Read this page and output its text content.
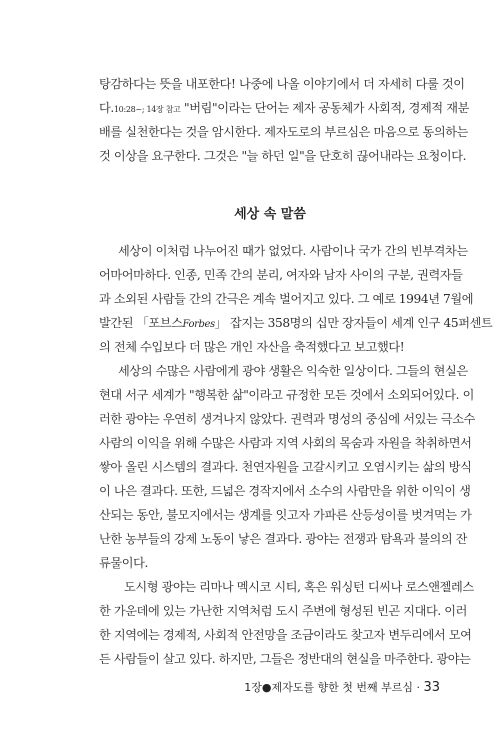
탕감하다는 뜻을 내포한다! 나중에 나올 이야기에서 더 자세히 다룰 것이
다.10:28~; 14장 참고 "버림"이라는 단어는 제자 공동체가 사회적, 경제적 재분
배를 실천한다는 것을 암시한다. 제자도로의 부르심은 마음으로 동의하는
것 이상을 요구한다. 그것은 "늘 하던 일"을 단호히 끊어내라는 요청이다.
세상 속 말씀
세상이 이처럼 나누어진 때가 없었다. 사람이나 국가 간의 빈부격차는
어마어마하다. 인종, 민족 간의 분리, 여자와 남자 사이의 구분, 권력자들
과 소외된 사람들 간의 간극은 계속 벌어지고 있다. 그 예로 1994년 7월에
발간된 「포브스Forbes」 잡지는 358명의 십만 장자들이 세계 인구 45퍼센트
의 전체 수입보다 더 많은 개인 자산을 축적했다고 보고했다!
세상의 수많은 사람에게 광야 생활은 익숙한 일상이다. 그들의 현실은
현대 서구 세계가 "행복한 삶"이라고 규정한 모든 것에서 소외되어있다. 이
러한 광야는 우연히 생겨나지 않았다. 권력과 명성의 중심에 서있는 극소수
사람의 이익을 위해 수많은 사람과 지역 사회의 목숨과 자원을 착취하면서
쌓아 올린 시스템의 결과다. 천연자원을 고갈시키고 오염시키는 삶의 방식
이 나은 결과다. 또한, 드넓은 경작지에서 소수의 사람만을 위한 이익이 생
산되는 동안, 불모지에서는 생계를 잇고자 가파른 산등성이를 벗겨먹는 가
난한 농부들의 강제 노동이 낳은 결과다. 광야는 전쟁과 탐욕과 불의의 잔
류물이다.
도시형 광야는 리마나 멕시코 시티, 혹은 워싱턴 디씨나 로스앤젤레스
한 가운데에 있는 가난한 지역처럼 도시 주변에 형성된 빈곤 지대다. 이러
한 지역에는 경제적, 사회적 안전망을 조금이라도 찾고자 변두리에서 모여
든 사람들이 살고 있다. 하지만, 그들은 정반대의 현실을 마주한다. 광야는
1장●제자도를 향한 첫 번째 부르심 · 33
